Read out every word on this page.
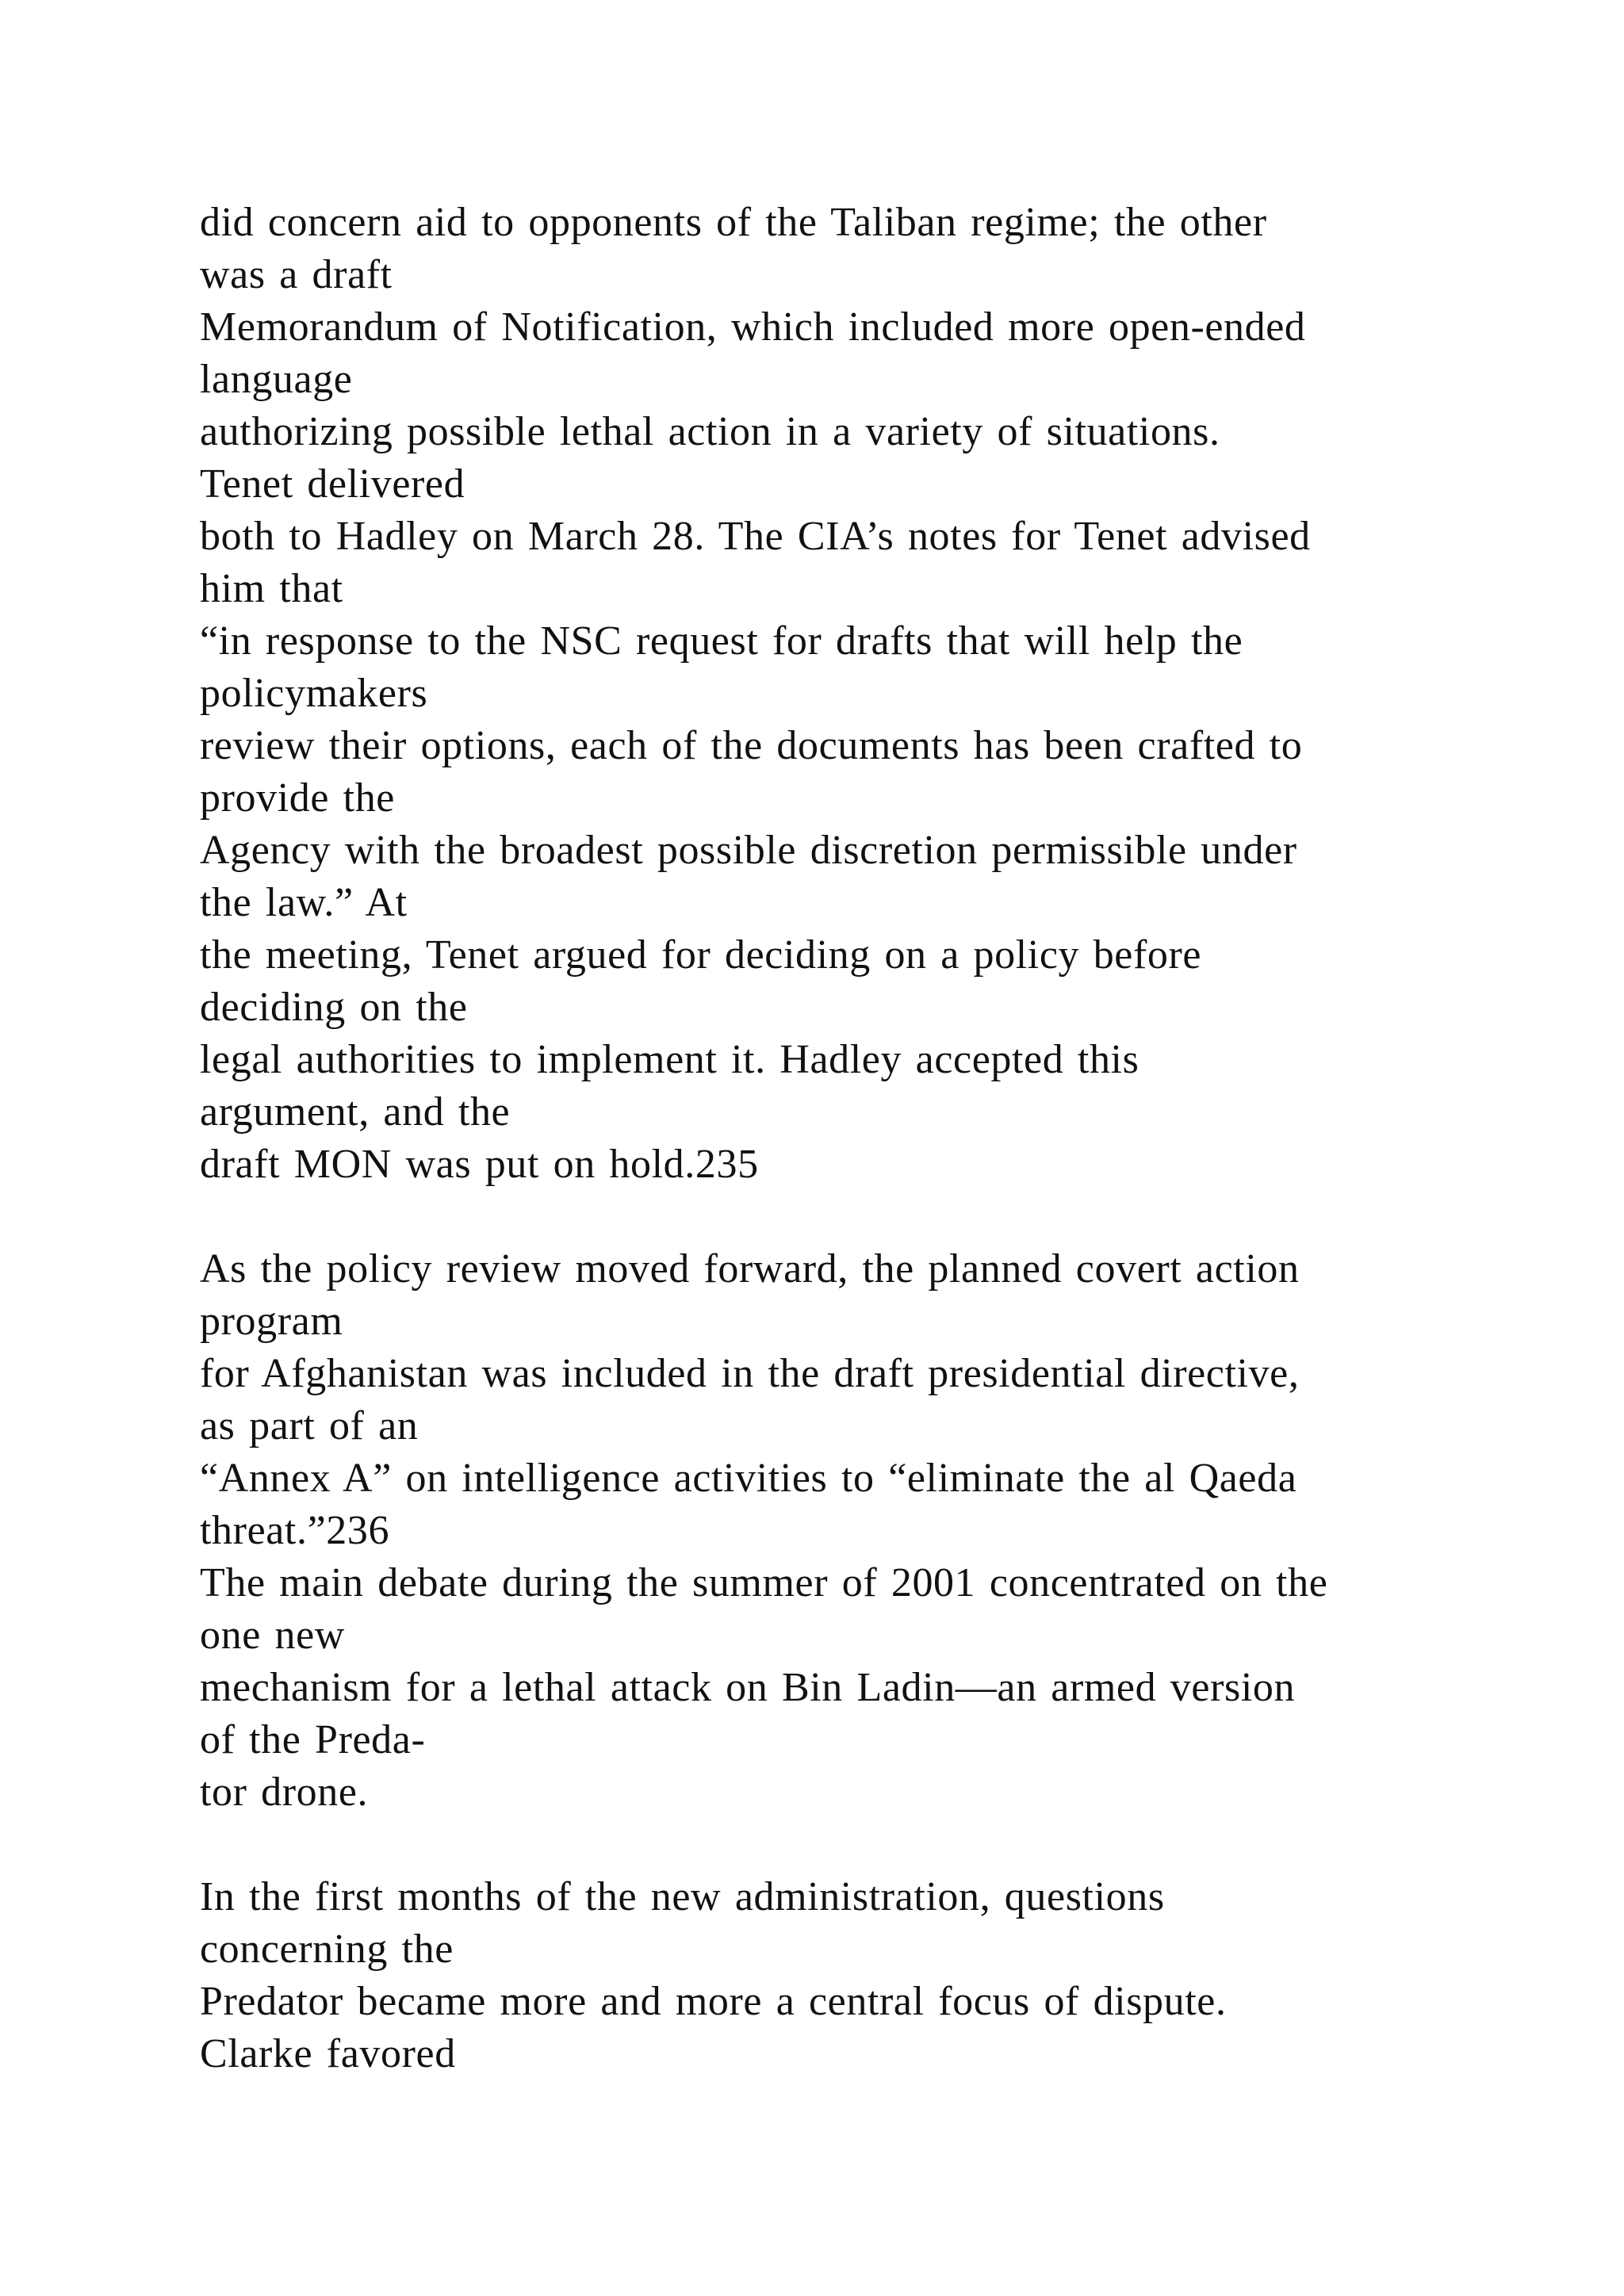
did concern aid to opponents of the Taliban regime; the other
was a draft
Memorandum of Notification, which included more open-ended
language
authorizing possible lethal action in a variety of situations.
Tenet delivered
both to Hadley on March 28. The CIA’s notes for Tenet advised
him that
“in response to the NSC request for drafts that will help the
policymakers
review their options, each of the documents has been crafted to
provide the
Agency with the broadest possible discretion permissible under
the law.” At
the meeting, Tenet argued for deciding on a policy before
deciding on the
legal authorities to implement it. Hadley accepted this
argument, and the
draft MON was put on hold.235
As the policy review moved forward, the planned covert action
program
for Afghanistan was included in the draft presidential directive,
as part of an
“Annex A” on intelligence activities to “eliminate the al Qaeda
threat.”236
The main debate during the summer of 2001 concentrated on the
one new
mechanism for a lethal attack on Bin Ladin—an armed version
of the Preda-
tor drone.
In the first months of the new administration, questions
concerning the
Predator became more and more a central focus of dispute.
Clarke favored
